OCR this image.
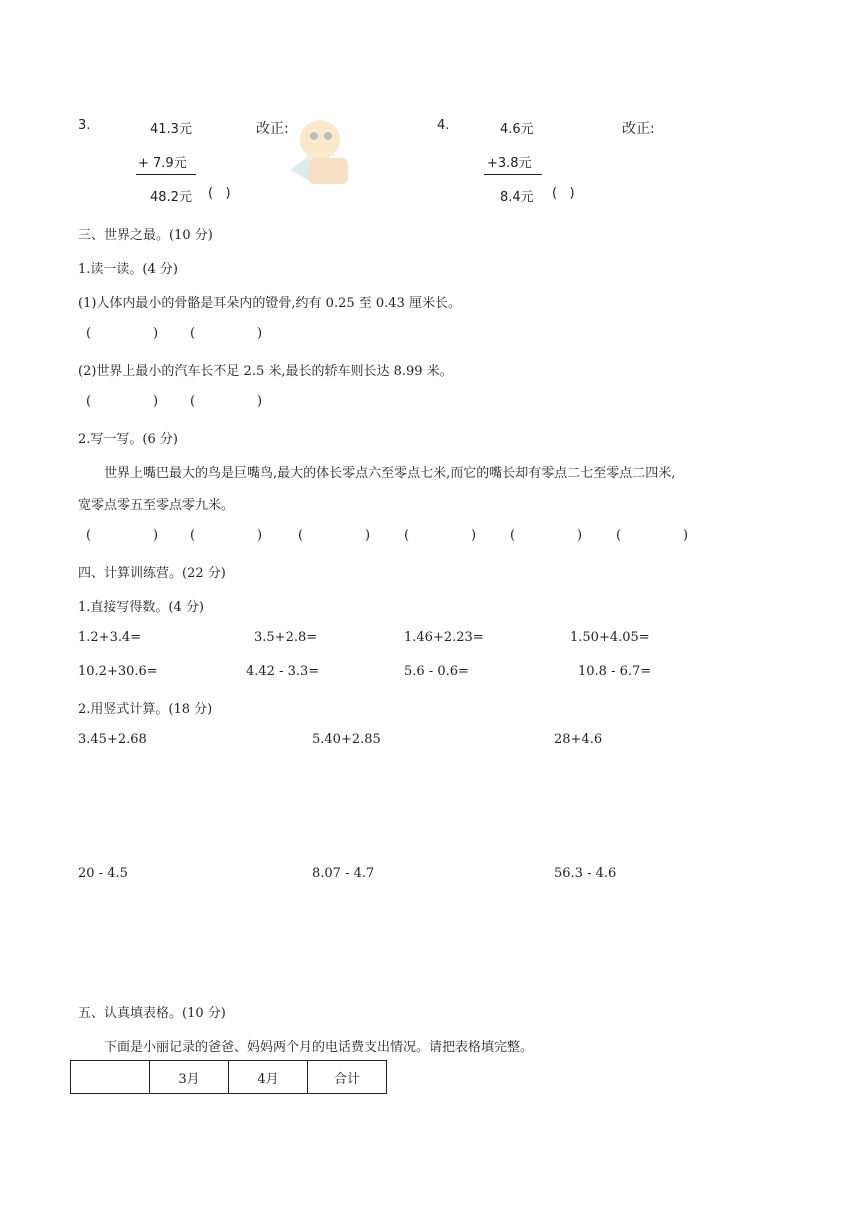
3.	41.3元	改正:
+ 7.9元
48.2元 (   )
4.	4.6元	改正:
+3.8元
8.4元 (   )
三、世界之最。(10 分)
1.读一读。(4 分)
(1)人体内最小的骨骼是耳朵内的镫骨,约有 0.25 至 0.43 厘米长。
(               ) (               )
(2)世界上最小的汽车长不足 2.5 米,最长的轿车则长达 8.99 米。
(               ) (               )
2.写一写。(6 分)
世界上嘴巴最大的鸟是巨嘴鸟,最大的体长零点六至零点七米,而它的嘴长却有零点二七至零点二四米,
宽零点零五至零点零九米。
(               ) (               )	(               )	(               )	(               )	(               )
四、计算训练营。(22 分)
1.直接写得数。(4 分)
1.2+3.4=	3.5+2.8=	1.46+2.23=	1.50+4.05=
10.2+30.6=	4.42 - 3.3=	5.6 - 0.6=	10.8 - 6.7=
2.用竖式计算。(18 分)
3.45+2.68	5.40+2.85	28+4.6
20 - 4.5	8.07 - 4.7	56.3 - 4.6
五、认真填表格。(10 分)
下面是小丽记录的爸爸、妈妈两个月的电话费支出情况。请把表格填完整。
	3月	4月	合计
